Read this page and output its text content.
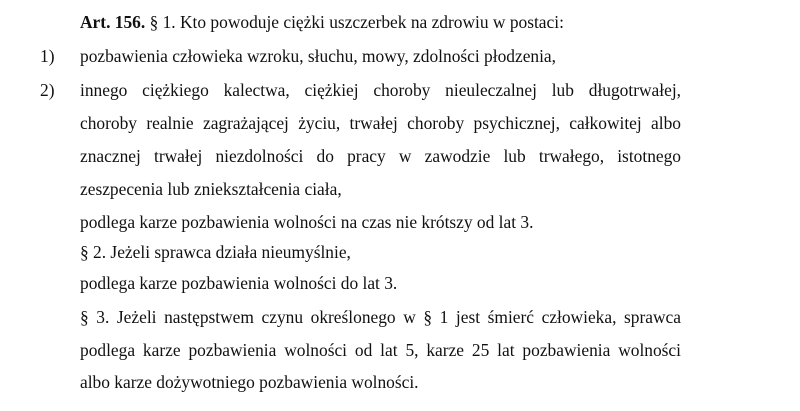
Art. 156. § 1. Kto powoduje ciężki uszczerbek na zdrowiu w postaci:
1) pozbawienia człowieka wzroku, słuchu, mowy, zdolności płodzenia,
2) innego ciężkiego kalectwa, ciężkiej choroby nieuleczalnej lub długotrwałej,
choroby realnie zagrażającej życiu, trwałej choroby psychicznej, całkowitej albo
znacznej trwałej niezdolności do pracy w zawodzie lub trwałego, istotnego
zeszpecenia lub zniekształcenia ciała,
podlega karze pozbawienia wolności na czas nie krótszy od lat 3.
§ 2. Jeżeli sprawca działa nieumyślnie,
podlega karze pozbawienia wolności do lat 3.
§ 3. Jeżeli następstwem czynu określonego w § 1 jest śmierć człowieka, sprawca
podlega karze pozbawienia wolności od lat 5, karze 25 lat pozbawienia wolności
albo karze dożywotniego pozbawienia wolności.
